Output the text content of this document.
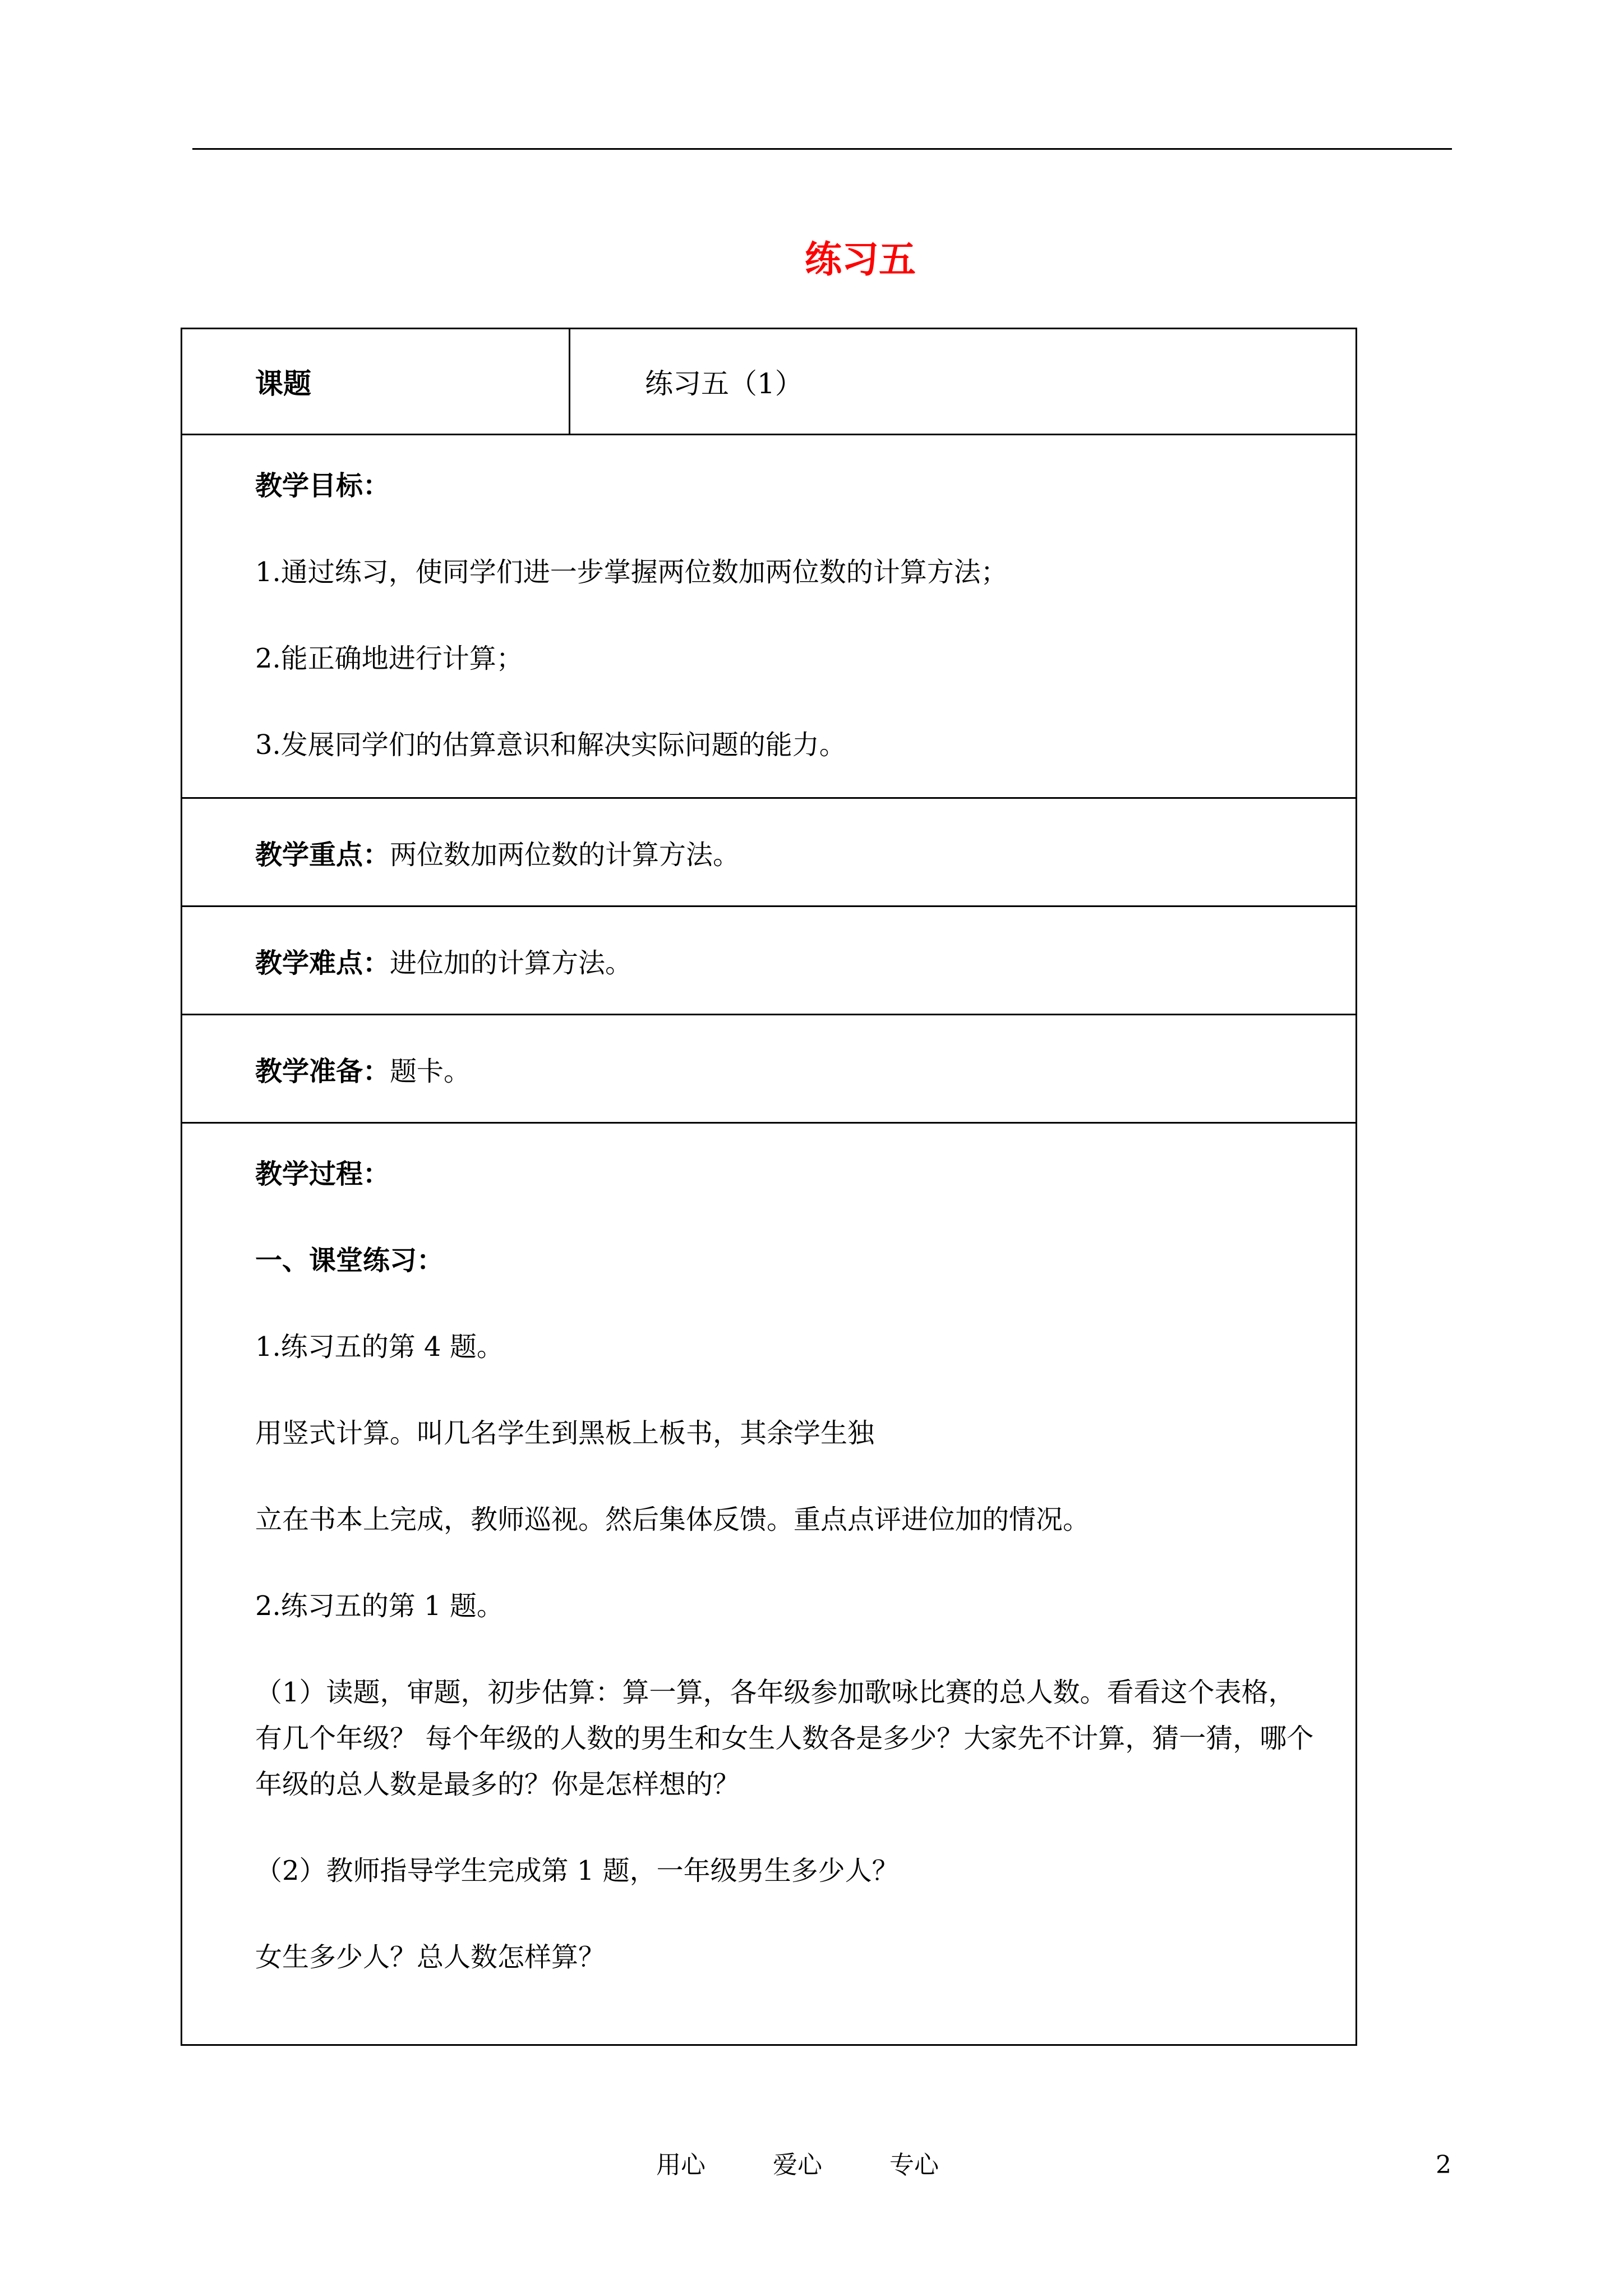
练习五
课题	练习五（1）

教学目标：
1.通过练习，使同学们进一步掌握两位数加两位数的计算方法；
2.能正确地进行计算；
3.发展同学们的估算意识和解决实际问题的能力。

教学重点：两位数加两位数的计算方法。
教学难点：进位加的计算方法。
教学准备：题卡。

教学过程：
一、课堂练习：
1.练习五的第 4 题。
用竖式计算。叫几名学生到黑板上板书，其余学生独
立在书本上完成，教师巡视。然后集体反馈。重点点评进位加的情况。
2.练习五的第 1 题。
（1）读题，审题，初步估算：算一算，各年级参加歌咏比赛的总人数。看看这个表格，
有几个年级？ 每个年级的人数的男生和女生人数各是多少？大家先不计算，猜一猜，哪个
年级的总人数是最多的？你是怎样想的？
（2）教师指导学生完成第 1 题，一年级男生多少人？
女生多少人？总人数怎样算？
用心	爱心	专心	2
